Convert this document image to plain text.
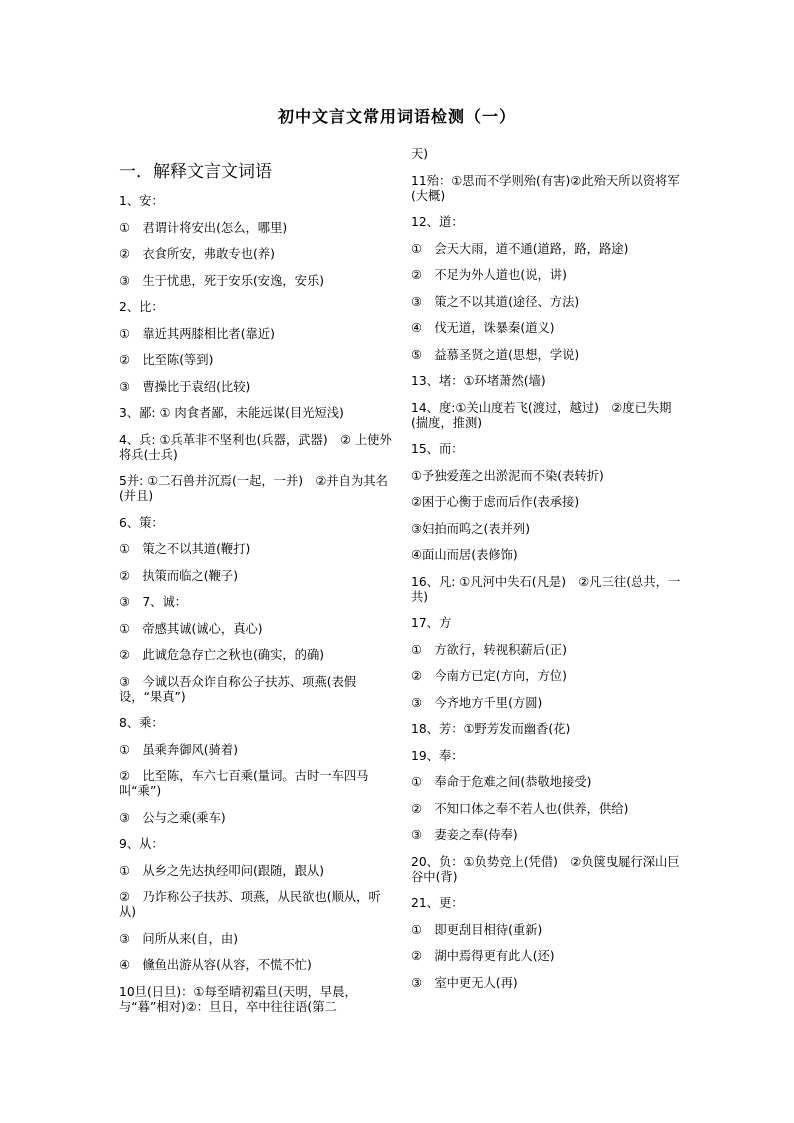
初中文言文常用词语检测（一）
一．解释文言文词语
1、安：
①　君谓计将安出(怎么，哪里)
②　衣食所安，弗敢专也(养)
③　生于忧患，死于安乐(安逸，安乐)
2、比：
①　靠近其两膝相比者(靠近)
②　比至陈(等到)
③　曹操比于袁绍(比较)
3、鄙: ① 肉食者鄙，未能远谋(目光短浅)
4、兵: ①兵革非不坚利也(兵器，武器)　② 上使外将兵(士兵)
5并: ①二石兽并沉焉(一起，一并)　②并自为其名(并且)
6、策：
①　策之不以其道(鞭打)
②　执策而临之(鞭子)
③　7、诚：
①　帝感其诚(诚心，真心)
②　此诚危急存亡之秋也(确实，的确)
③　今诚以吾众诈自称公子扶苏、项燕(表假设，“果真”)
8、乘：
①　虽乘奔御风(骑着)
②　比至陈，车六七百乘(量词。古时一车四马叫“乘”)
③　公与之乘(乘车)
9、从：
①　从乡之先达执经叩问(跟随，跟从)
②　乃诈称公子扶苏、项燕，从民欲也(顺从，听从)
③　问所从来(自，由)
④　儵鱼出游从容(从容，不慌不忙)
10旦(日旦)：①每至晴初霜旦(天明，早晨，与“暮”相对)②：旦日，卒中往往语(第二
天)
11殆：①思而不学则殆(有害)②此殆天所以资将军(大概)
12、道：
①　会天大雨，道不通(道路，路，路途)
②　不足为外人道也(说，讲)
③　策之不以其道(途径、方法)
④　伐无道，诛暴秦(道义)
⑤　益慕圣贤之道(思想，学说)
13、堵：①环堵萧然(墙)
14、度:①关山度若飞(渡过，越过)　②度已失期(揣度，推测)
15、而：
①予独爱莲之出淤泥而不染(表转折)
②困于心衡于虑而后作(表承接)
③妇拍而呜之(表并列)
④面山而居(表修饰)
16、凡: ①凡河中失石(凡是)　②凡三往(总共，一共)
17、方
①　方欲行，转视积薪后(正)
②　今南方已定(方向，方位)
③　今齐地方千里(方圆)
18、芳：①野芳发而幽香(花)
19、奉：
①　奉命于危难之间(恭敬地接受)
②　不知口体之奉不若人也(供养，供给)
③　妻妾之奉(侍奉)
20、负：①负势竞上(凭借)　②负箧曳屣行深山巨谷中(背)
21、更：
①　即更刮目相待(重新)
②　湖中焉得更有此人(还)
③　室中更无人(再)
